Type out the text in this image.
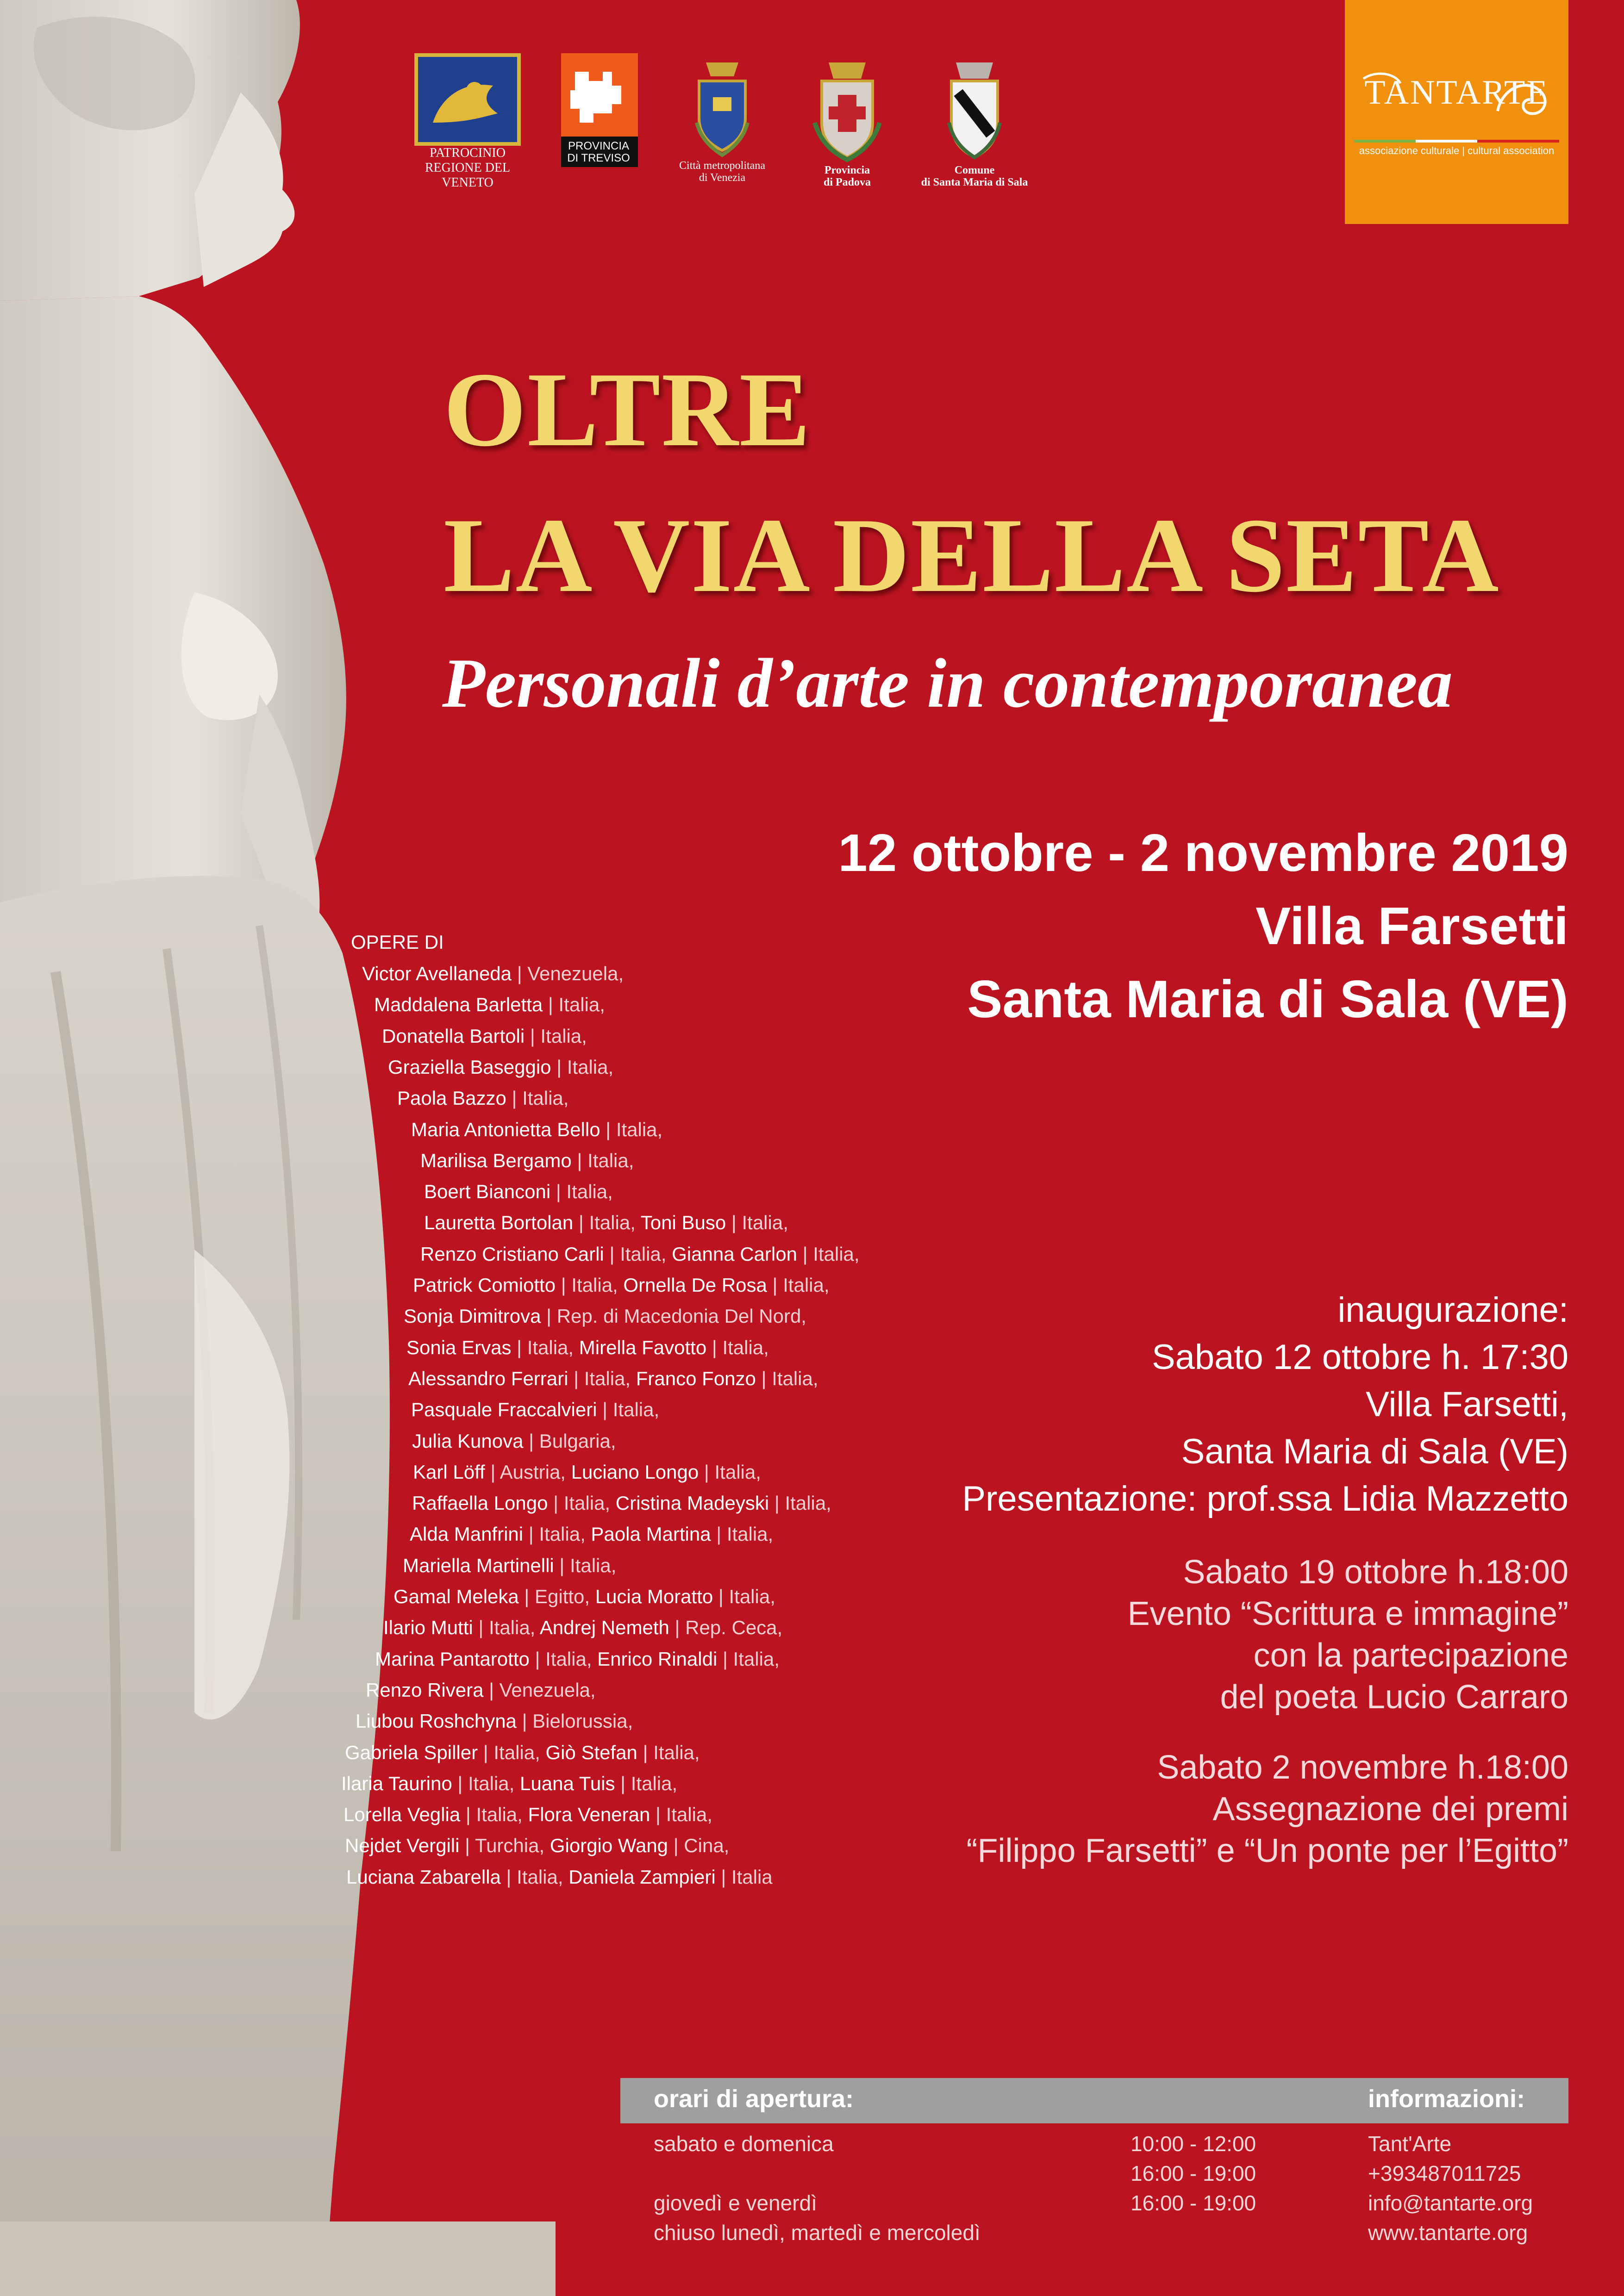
PATROCINIO
REGIONE DEL VENETO
PROVINCIA
DI TREVISO
Città metropolitana
di Venezia
Provincia
di Padova
Comune
di Santa Maria di Sala
TANTARTE
associazione culturale | cultural association
OLTRE
LA VIA DELLA SETA
Personali d’arte in contemporanea
12 ottobre - 2 novembre 2019
Villa Farsetti
Santa Maria di Sala (VE)
inaugurazione:
Sabato 12 ottobre h. 17:30
Villa Farsetti,
Santa Maria di Sala (VE)
Presentazione: prof.ssa Lidia Mazzetto
Sabato 19 ottobre h.18:00
Evento “Scrittura e immagine”
con la partecipazione
del poeta Lucio Carraro
Sabato 2 novembre h.18:00
Assegnazione dei premi
“Filippo Farsetti” e “Un ponte per l’Egitto”
OPERE DI
Victor Avellaneda | Venezuela,
Maddalena Barletta | Italia,
Donatella Bartoli | Italia,
Graziella Baseggio | Italia,
Paola Bazzo | Italia,
Maria Antonietta Bello | Italia,
Marilisa Bergamo | Italia,
Boert Bianconi | Italia,
Lauretta Bortolan | Italia, Toni Buso | Italia,
Renzo Cristiano Carli | Italia, Gianna Carlon | Italia,
Patrick Comiotto | Italia, Ornella De Rosa | Italia,
Sonja Dimitrova | Rep. di Macedonia Del Nord,
Sonia Ervas | Italia, Mirella Favotto | Italia,
Alessandro Ferrari | Italia, Franco Fonzo | Italia,
Pasquale Fraccalvieri | Italia,
Julia Kunova | Bulgaria,
Karl Löff | Austria, Luciano Longo | Italia,
Raffaella Longo | Italia, Cristina Madeyski | Italia,
Alda Manfrini | Italia, Paola Martina | Italia,
Mariella Martinelli | Italia,
Gamal Meleka | Egitto, Lucia Moratto | Italia,
Ilario Mutti | Italia, Andrej Nemeth | Rep. Ceca,
Marina Pantarotto | Italia, Enrico Rinaldi | Italia,
Renzo Rivera | Venezuela,
Liubou Roshchyna | Bielorussia,
Gabriela Spiller | Italia, Giò Stefan | Italia,
Ilaria Taurino | Italia, Luana Tuis | Italia,
Lorella Veglia | Italia, Flora Veneran | Italia,
Nejdet Vergili | Turchia, Giorgio Wang | Cina,
Luciana Zabarella | Italia, Daniela Zampieri | Italia
orari di apertura:	informazioni:
sabato e domenica
giovedì e venerdì
chiuso lunedì, martedì e mercoledì
10:00 - 12:00
16:00 - 19:00
16:00 - 19:00
Tant'Arte
+393487011725
info@tantarte.org
www.tantarte.org
